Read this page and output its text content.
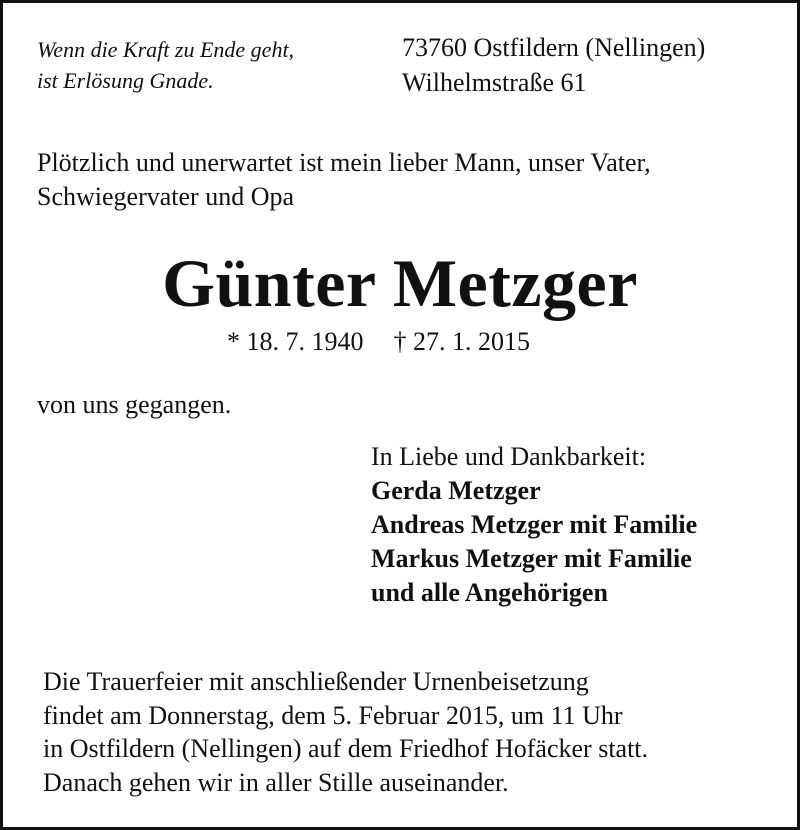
Wenn die Kraft zu Ende geht,
ist Erlösung Gnade.
73760 Ostfildern (Nellingen)
Wilhelmstraße 61
Plötzlich und unerwartet ist mein lieber Mann, unser Vater,
Schwiegervater und Opa
Günter Metzger
* 18. 7. 1940 † 27. 1. 2015
von uns gegangen.
In Liebe und Dankbarkeit:
Gerda Metzger
Andreas Metzger mit Familie
Markus Metzger mit Familie
und alle Angehörigen
Die Trauerfeier mit anschließender Urnenbeisetzung
findet am Donnerstag, dem 5. Februar 2015, um 11 Uhr
in Ostfildern (Nellingen) auf dem Friedhof Hofäcker statt.
Danach gehen wir in aller Stille auseinander.
